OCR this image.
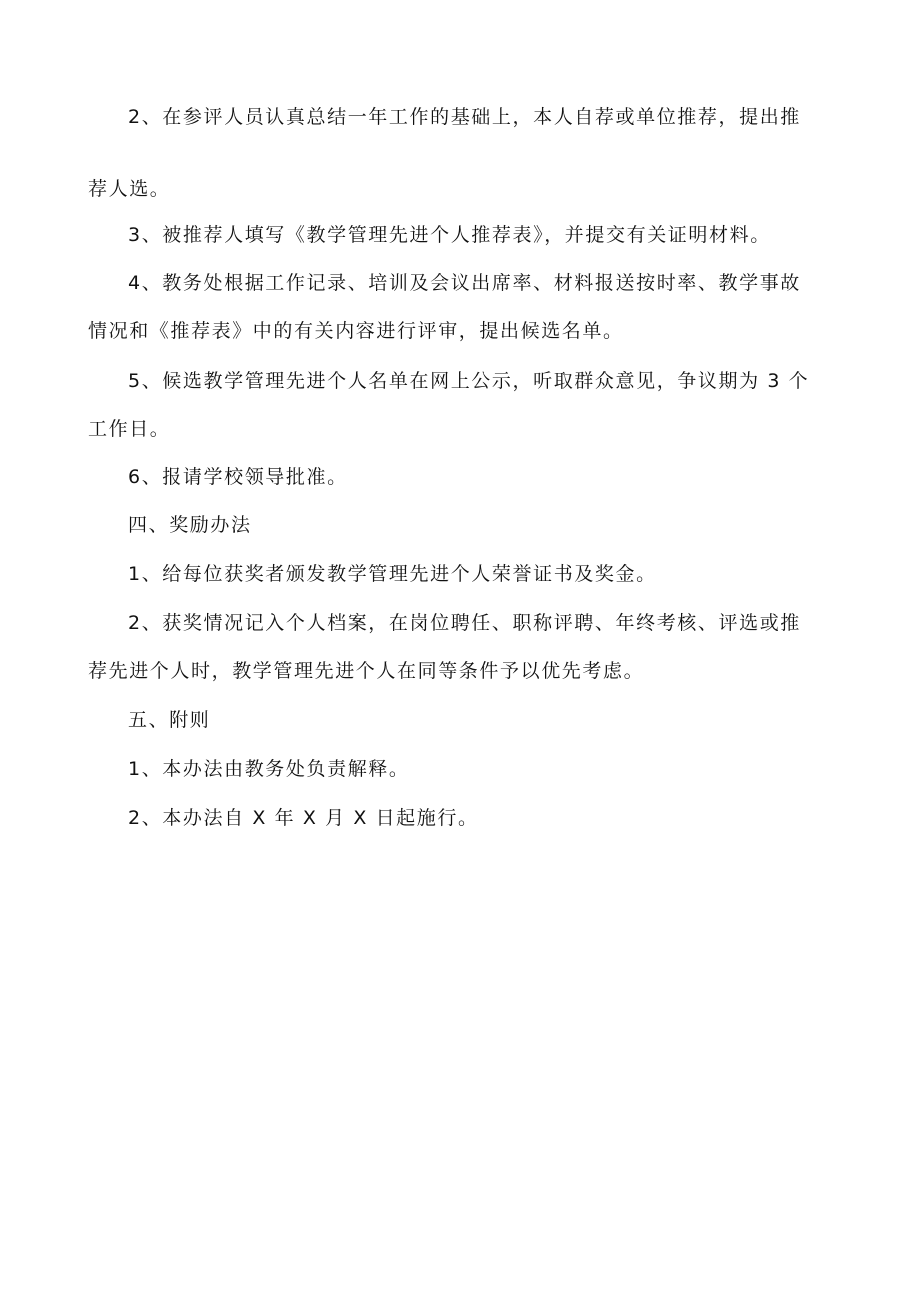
2、在参评人员认真总结一年工作的基础上，本人自荐或单位推荐，提出推
荐人选。
3、被推荐人填写《教学管理先进个人推荐表》，并提交有关证明材料。
4、教务处根据工作记录、培训及会议出席率、材料报送按时率、教学事故
情况和《推荐表》中的有关内容进行评审，提出候选名单。
5、候选教学管理先进个人名单在网上公示，听取群众意见，争议期为 3 个
工作日。
6、报请学校领导批准。
四、奖励办法
1、给每位获奖者颁发教学管理先进个人荣誉证书及奖金。
2、获奖情况记入个人档案，在岗位聘任、职称评聘、年终考核、评选或推
荐先进个人时，教学管理先进个人在同等条件予以优先考虑。
五、附则
1、本办法由教务处负责解释。
2、本办法自 X 年 X 月 X 日起施行。
